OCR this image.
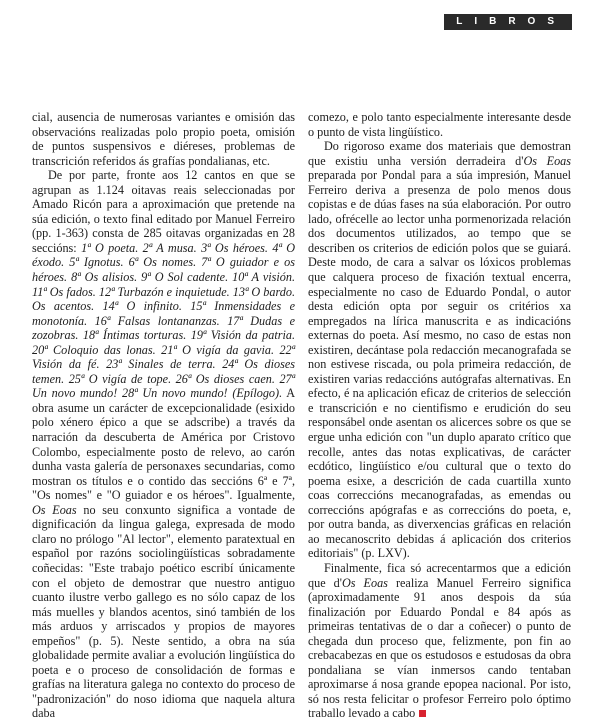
LIBROS

cial, ausencia de numerosas variantes e omisión das observacións realizadas polo propio poeta, omisión de puntos suspensivos e diéreses, problemas de transcrición referidos ás grafías pondalianas, etc.

De por parte, fronte aos 12 cantos en que se agrupan as 1.124 oitavas reais seleccionadas por Amado Ricón para a aproximación que pretende na súa edición, o texto final editado por Manuel Ferreiro (pp. 1-363) consta de 285 oitavas organizadas en 28 seccións: 1ª O poeta. 2ª A musa. 3ª Os héroes. 4ª O éxodo. 5ª Ignotus. 6ª Os nomes. 7ª O guiador e os héroes. 8ª Os alisios. 9ª O Sol cadente. 10ª A visión. 11ª Os fados. 12ª Turbazón e inquietude. 13ª O bardo. Os acentos. 14ª O infinito. 15ª Inmensidades e monotonía. 16ª Falsas lontananzas. 17ª Dudas e zozobras. 18ª Íntimas torturas. 19ª Visión da patria. 20ª Coloquio das lonas. 21ª O vigía da gavia. 22ª Visión da fé. 23ª Sinales de terra. 24ª Os dioses temen. 25ª O vigía de tope. 26ª Os dioses caen. 27ª Un novo mundo! 28ª Un novo mundo! (Epílogo). A obra asume un carácter de excepcionalidade (esixido polo xénero épico a que se adscribe) a través da narración da descuberta de América por Cristovo Colombo, especialmente posto de relevo, ao carón dunha vasta galería de personaxes secundarias, como mostran os títulos e o contido das seccións 6ª e 7ª, "Os nomes" e "O guiador e os héroes". Igualmente, Os Eoas no seu conxunto significa a vontade de dignificación da lingua galega, expresada de modo claro no prólogo "Al lector", elemento paratextual en español por razóns sociolingüísticas sobradamente coñecidas: "Este trabajo poético escribí únicamente con el objeto de demostrar que nuestro antiguo cuanto ilustre verbo gallego es no sólo capaz de los más muelles y blandos acentos, sinó también de los más arduos y arriscados y propios de mayores empeños" (p. 5). Neste sentido, a obra na súa globalidade permite avaliar a evolución lingüística do poeta e o proceso de consolidación de formas e grafías na literatura galega no contexto do proceso de "padronización" do noso idioma que naquela altura daba

comezo, e polo tanto especialmente interesante desde o punto de vista lingüístico.

Do rigoroso exame dos materiais que demostran que existiu unha versión derradeira d'Os Eoas preparada por Pondal para a súa impresión, Manuel Ferreiro deriva a presenza de polo menos dous copistas e de dúas fases na súa elaboración. Por outro lado, ofrécelle ao lector unha pormenorizada relación dos documentos utilizados, ao tempo que se describen os criterios de edición polos que se guiará. Deste modo, de cara a salvar os lóxicos problemas que calquera proceso de fixación textual encerra, especialmente no caso de Eduardo Pondal, o autor desta edición opta por seguir os critérios xa empregados na lírica manuscrita e as indicacións externas do poeta. Así mesmo, no caso de estas non existiren, decántase pola redacción mecanografada se non estivese riscada, ou pola primeira redacción, de existiren varias redaccións autógrafas alternativas. En efecto, é na aplicación eficaz de criterios de selección e transcrición e no cientifismo e erudición do seu responsábel onde asentan os alicerces sobre os que se ergue unha edición con "un duplo aparato crítico que recolle, antes das notas explicativas, de carácter ecdótico, lingüístico e/ou cultural que o texto do poema esixe, a descrición de cada cuartilla xunto coas correccións mecanografadas, as emendas ou correccións apógrafas e as correccións do poeta, e, por outra banda, as diverxencias gráficas en relación ao mecanoscrito debidas á aplicación dos criterios editoriais" (p. LXV).

Finalmente, fica só acrecentarmos que a edición que d'Os Eoas realiza Manuel Ferreiro significa (aproximadamente 91 anos despois da súa finalización por Eduardo Pondal e 84 após as primeiras tentativas de o dar a coñecer) o punto de chegada dun proceso que, felizmente, pon fin ao crebacabezas en que os estudosos e estudosas da obra pondaliana se vían inmersos cando tentaban aproximarse á nosa grande epopea nacional. Por isto, só nos resta felicitar o profesor Ferreiro polo óptimo traballo levado a cabo
